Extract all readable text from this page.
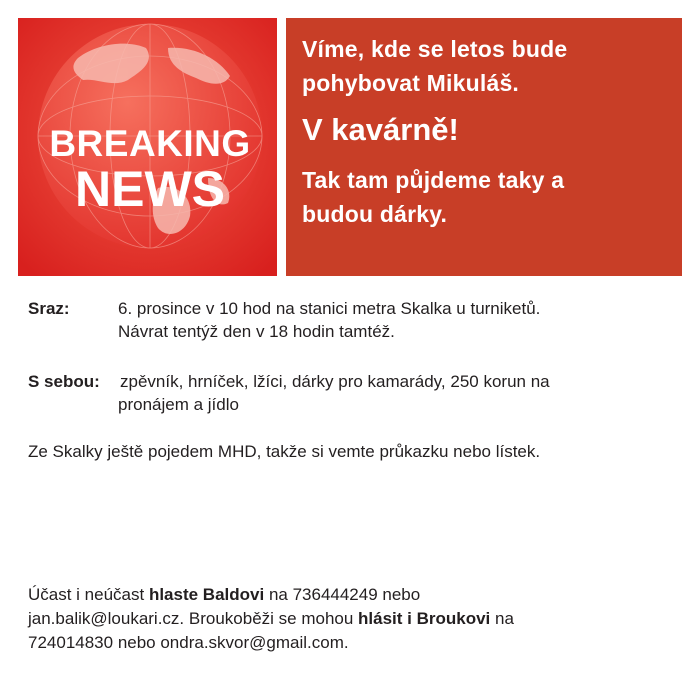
BREAKING
NEWS
Víme, kde se letos bude
pohybovat Mikuláš.
V kavárně!
Tak tam půjdeme taky a
budou dárky.
Sraz:	6. prosince v 10 hod na stanici metra Skalka u turniketů.
Návrat tentýž den v 18 hodin tamtéž.
S sebou: zpěvník, hrníček, lžíci, dárky pro kamarády, 250 korun na
pronájem a jídlo
Ze Skalky ještě pojedem MHD, takže si vemte průkazku nebo lístek.
Účast i neúčast hlaste Baldovi na 736444249 nebo
jan.balik@loukari.cz. Broukoběži se mohou hlásit i Broukovi na
724014830 nebo ondra.skvor@gmail.com.
